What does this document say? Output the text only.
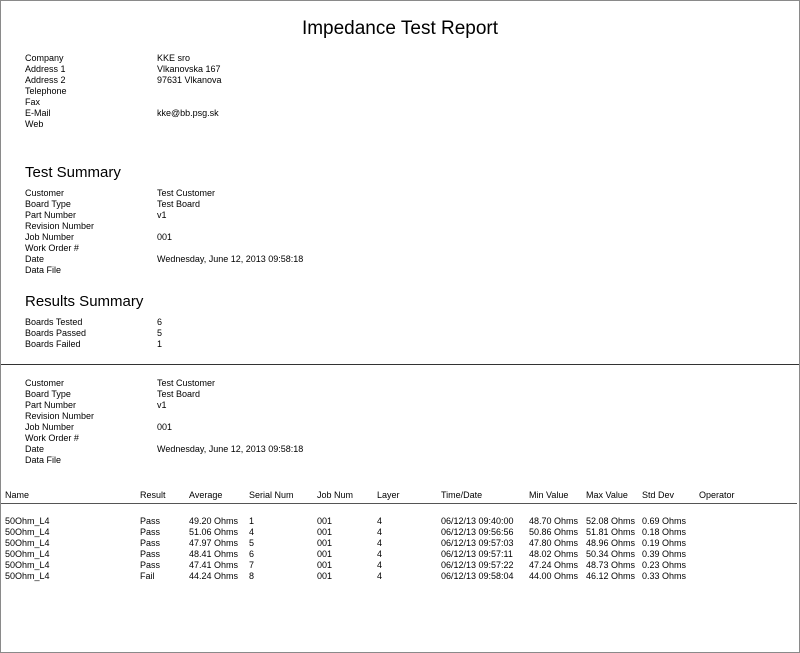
Impedance Test Report
Company	KKE sro
Address 1	Vlkanovska 167
Address 2	97631 Vlkanova
Telephone
Fax
E-Mail	kke@bb.psg.sk
Web
Test Summary
Customer	Test Customer
Board Type	Test Board
Part Number	v1
Revision Number
Job Number	001
Work Order #
Date	Wednesday, June 12, 2013 09:58:18
Data File
Results Summary
Boards Tested	6
Boards Passed	5
Boards Failed	1
Customer	Test Customer
Board Type	Test Board
Part Number	v1
Revision Number
Job Number	001
Work Order #
Date	Wednesday, June 12, 2013 09:58:18
Data File
Name	Result	Average	Serial Num	Job Num	Layer	Time/Date	Min Value Max Value Std Dev	Operator
50Ohm_L4	Pass	49.20 Ohms 1	001	4	06/12/13 09:40:00 48.70 Ohms 52.08 Ohms 0.69 Ohms
50Ohm_L4	Pass	51.06 Ohms 4	001	4	06/12/13 09:56:56 50.86 Ohms 51.81 Ohms 0.18 Ohms
50Ohm_L4	Pass	47.97 Ohms 5	001	4	06/12/13 09:57:03 47.80 Ohms 48.96 Ohms 0.19 Ohms
50Ohm_L4	Pass	48.41 Ohms 6	001	4	06/12/13 09:57:11 48.02 Ohms 50.34 Ohms 0.39 Ohms
50Ohm_L4	Pass	47.41 Ohms 7	001	4	06/12/13 09:57:22 47.24 Ohms 48.73 Ohms 0.23 Ohms
50Ohm_L4	Fail	44.24 Ohms 8	001	4	06/12/13 09:58:04 44.00 Ohms 46.12 Ohms 0.33 Ohms
